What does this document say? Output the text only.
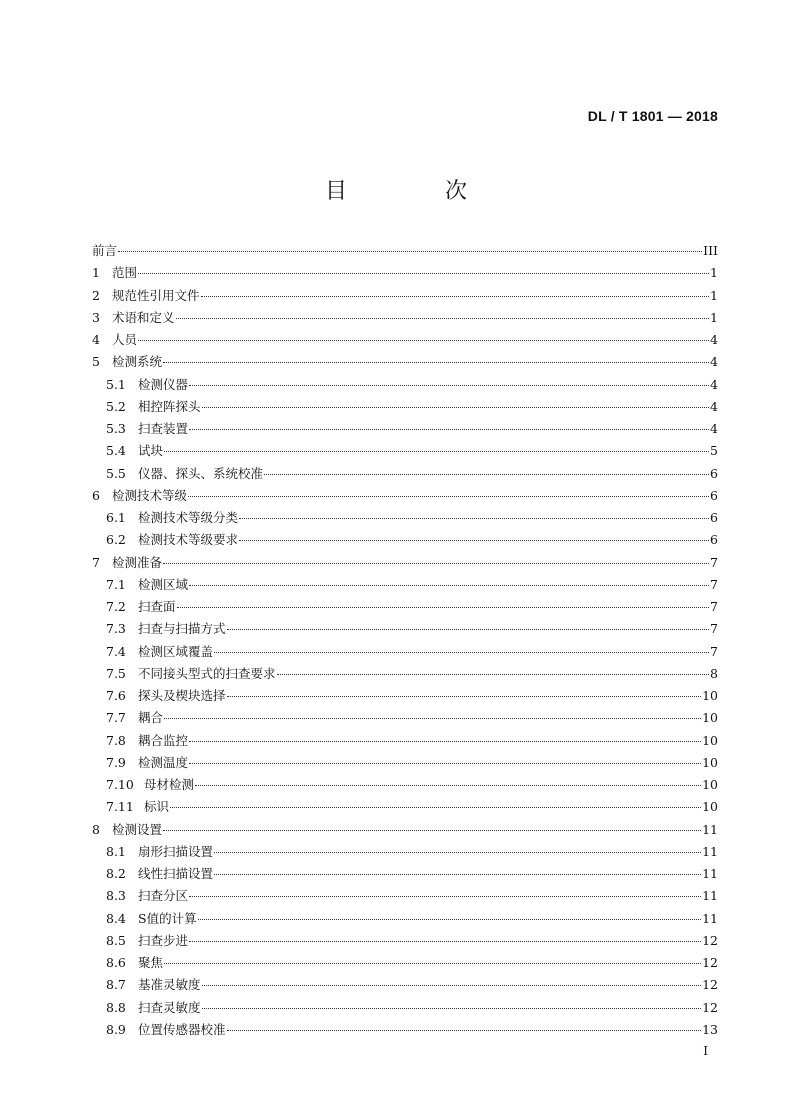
DL / T 1801 — 2018
目　次
前言	III
1 范围	1
2 规范性引用文件	1
3 术语和定义	1
4 人员	4
5 检测系统	4
5.1 检测仪器	4
5.2 相控阵探头	4
5.3 扫查装置	4
5.4 试块	5
5.5 仪器、探头、系统校准	6
6 检测技术等级	6
6.1 检测技术等级分类	6
6.2 检测技术等级要求	6
7 检测准备	7
7.1 检测区域	7
7.2 扫查面	7
7.3 扫查与扫描方式	7
7.4 检测区域覆盖	7
7.5 不同接头型式的扫查要求	8
7.6 探头及楔块选择	10
7.7 耦合	10
7.8 耦合监控	10
7.9 检测温度	10
7.10 母材检测	10
7.11 标识	10
8 检测设置	11
8.1 扇形扫描设置	11
8.2 线性扫描设置	11
8.3 扫查分区	11
8.4 S值的计算	11
8.5 扫查步进	12
8.6 聚焦	12
8.7 基准灵敏度	12
8.8 扫查灵敏度	12
8.9 位置传感器校准	13
I
